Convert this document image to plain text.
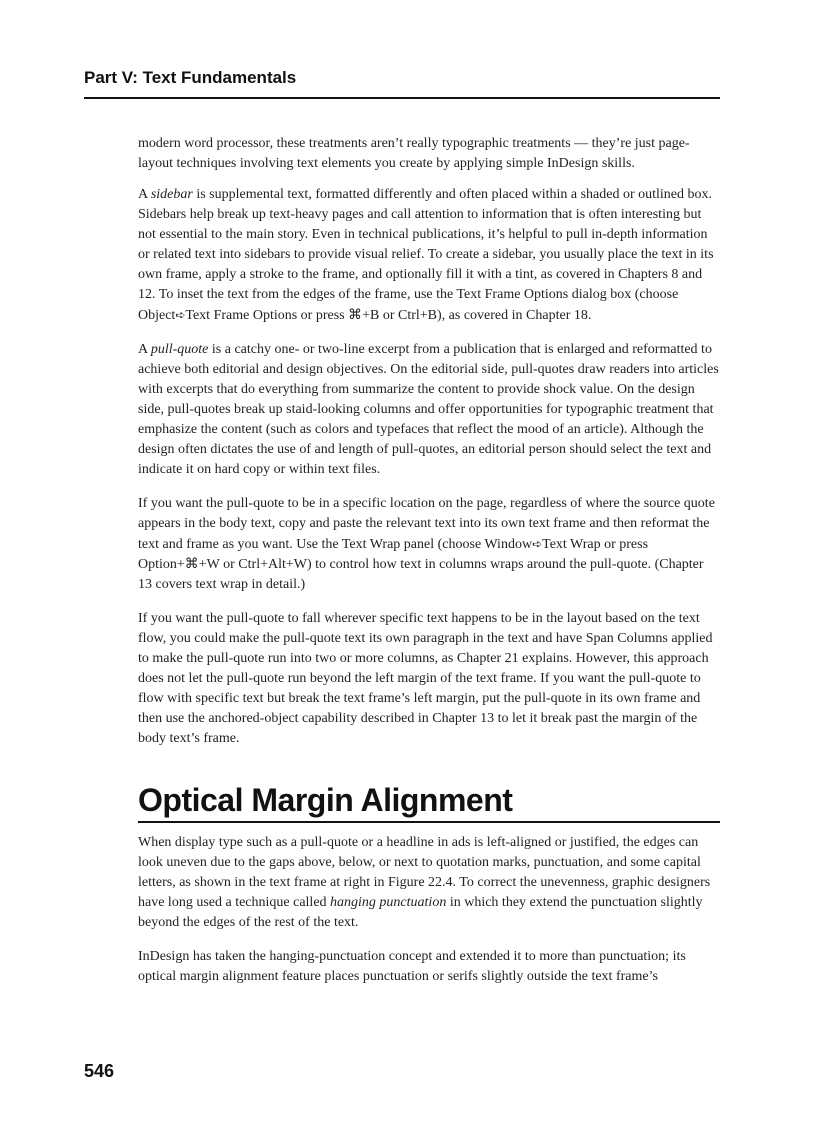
Part V: Text Fundamentals

modern word processor, these treatments aren’t really typographic treatments — they’re just page-layout techniques involving text elements you create by applying simple InDesign skills.

A sidebar is supplemental text, formatted differently and often placed within a shaded or outlined box. Sidebars help break up text-heavy pages and call attention to information that is often interesting but not essential to the main story. Even in technical publications, it’s helpful to pull in-depth information or related text into sidebars to provide visual relief. To create a sidebar, you usually place the text in its own frame, apply a stroke to the frame, and optionally fill it with a tint, as covered in Chapters 8 and 12. To inset the text from the edges of the frame, use the Text Frame Options dialog box (choose Object➪Text Frame Options or press ⌘+B or Ctrl+B), as covered in Chapter 18.

A pull-quote is a catchy one- or two-line excerpt from a publication that is enlarged and reformatted to achieve both editorial and design objectives. On the editorial side, pull-quotes draw readers into articles with excerpts that do everything from summarize the content to provide shock value. On the design side, pull-quotes break up staid-looking columns and offer opportunities for typographic treatment that emphasize the content (such as colors and typefaces that reflect the mood of an article). Although the design often dictates the use of and length of pull-quotes, an editorial person should select the text and indicate it on hard copy or within text files.

If you want the pull-quote to be in a specific location on the page, regardless of where the source quote appears in the body text, copy and paste the relevant text into its own text frame and then reformat the text and frame as you want. Use the Text Wrap panel (choose Window➪Text Wrap or press Option+⌘+W or Ctrl+Alt+W) to control how text in columns wraps around the pull-quote. (Chapter 13 covers text wrap in detail.)

If you want the pull-quote to fall wherever specific text happens to be in the layout based on the text flow, you could make the pull-quote text its own paragraph in the text and have Span Columns applied to make the pull-quote run into two or more columns, as Chapter 21 explains. However, this approach does not let the pull-quote run beyond the left margin of the text frame. If you want the pull-quote to flow with specific text but break the text frame’s left margin, put the pull-quote in its own frame and then use the anchored-object capability described in Chapter 13 to let it break past the margin of the body text’s frame.

Optical Margin Alignment

When display type such as a pull-quote or a headline in ads is left-aligned or justified, the edges can look uneven due to the gaps above, below, or next to quotation marks, punctuation, and some capital letters, as shown in the text frame at right in Figure 22.4. To correct the unevenness, graphic designers have long used a technique called hanging punctuation in which they extend the punctuation slightly beyond the edges of the rest of the text.

InDesign has taken the hanging-punctuation concept and extended it to more than punctuation; its optical margin alignment feature places punctuation or serifs slightly outside the text frame’s

546
